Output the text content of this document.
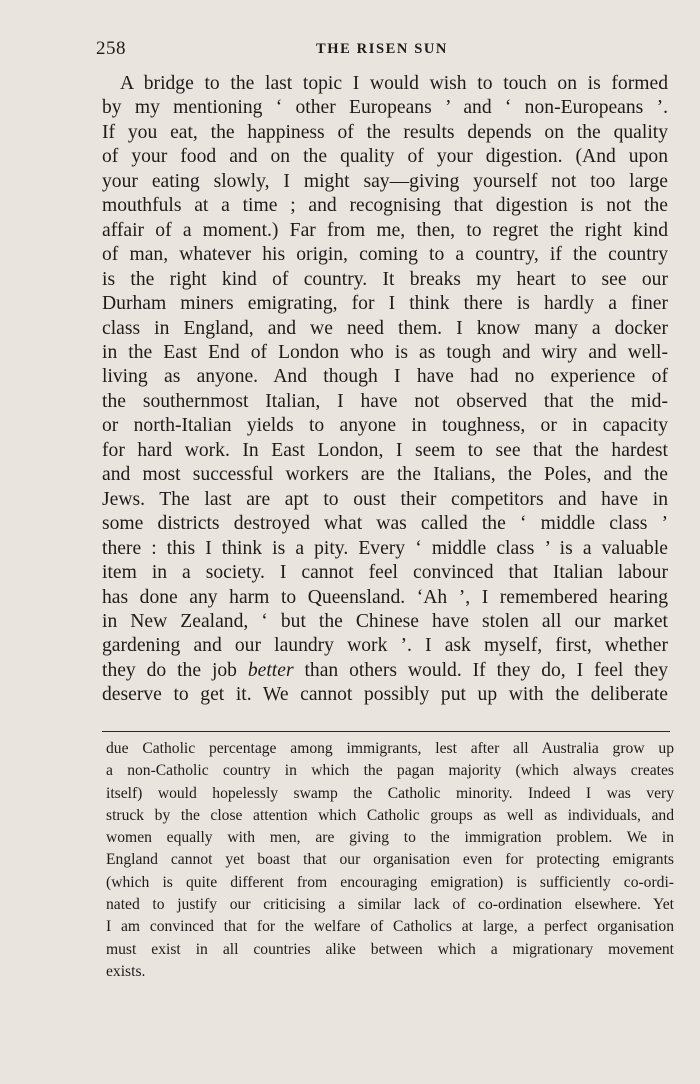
258	THE RISEN SUN
A bridge to the last topic I would wish to touch on is formed
by my mentioning ‘ other Europeans ’ and ‘ non-Europeans ’.
If you eat, the happiness of the results depends on the quality
of your food and on the quality of your digestion. (And upon
your eating slowly, I might say—giving yourself not too large
mouthfuls at a time ; and recognising that digestion is not the
affair of a moment.) Far from me, then, to regret the right kind
of man, whatever his origin, coming to a country, if the country
is the right kind of country. It breaks my heart to see our
Durham miners emigrating, for I think there is hardly a finer
class in England, and we need them. I know many a docker
in the East End of London who is as tough and wiry and well-
living as anyone. And though I have had no experience of
the southernmost Italian, I have not observed that the mid-
or north-Italian yields to anyone in toughness, or in capacity
for hard work. In East London, I seem to see that the hardest
and most successful workers are the Italians, the Poles, and the
Jews. The last are apt to oust their competitors and have in
some districts destroyed what was called the ‘ middle class ’
there : this I think is a pity. Every ‘ middle class ’ is a valuable
item in a society. I cannot feel convinced that Italian labour
has done any harm to Queensland. ‘Ah ’, I remembered hearing
in New Zealand, ‘ but the Chinese have stolen all our market
gardening and our laundry work ’. I ask myself, first, whether
they do the job better than others would. If they do, I feel they
deserve to get it. We cannot possibly put up with the deliberate
due Catholic percentage among immigrants, lest after all Australia grow up
a non-Catholic country in which the pagan majority (which always creates
itself) would hopelessly swamp the Catholic minority. Indeed I was very
struck by the close attention which Catholic groups as well as individuals, and
women equally with men, are giving to the immigration problem. We in
England cannot yet boast that our organisation even for protecting emigrants
(which is quite different from encouraging emigration) is sufficiently co-ordi-
nated to justify our criticising a similar lack of co-ordination elsewhere. Yet
I am convinced that for the welfare of Catholics at large, a perfect organisation
must exist in all countries alike between which a migrationary movement
exists.
